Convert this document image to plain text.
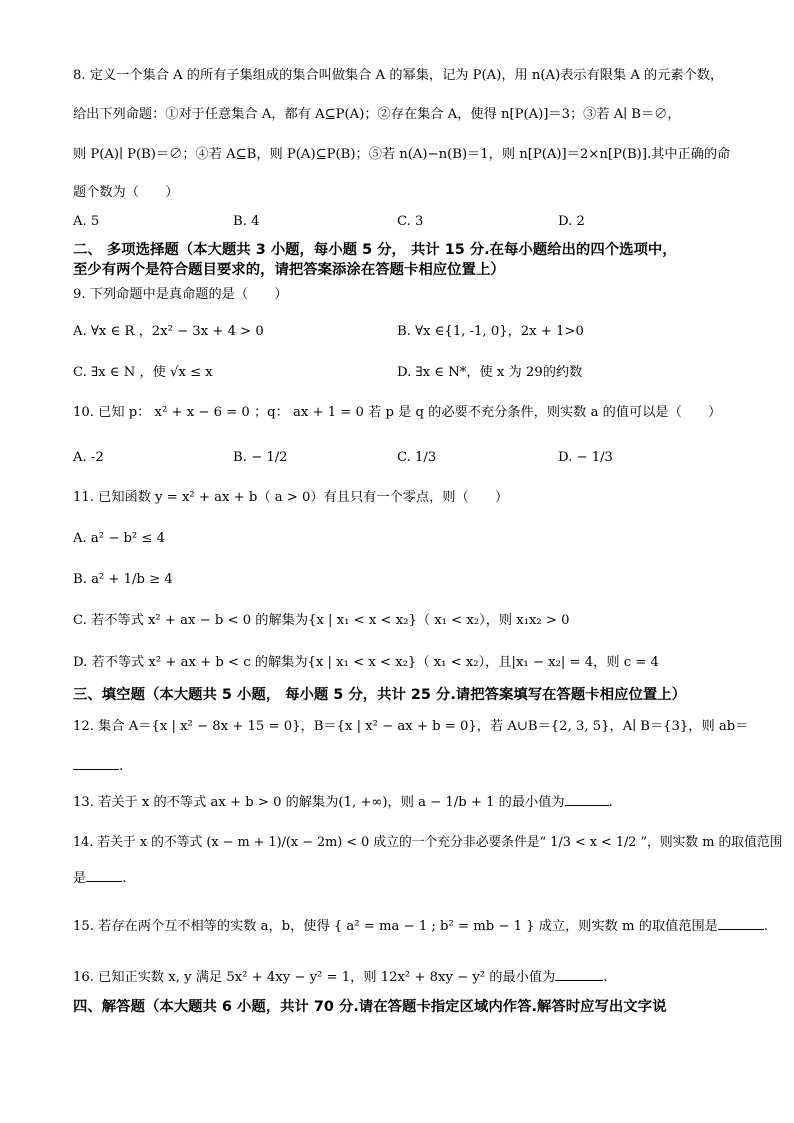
8. 定义一个集合 A 的所有子集组成的集合叫做集合 A 的幂集，记为 P(A)，用 n(A)表示有限集 A 的元素个数，
给出下列命题：①对于任意集合 A，都有 A⊆P(A)；②存在集合 A，使得 n[P(A)]＝3；③若 A∣ B＝∅，
则 P(A)∣ P(B)＝∅；④若 A⊆B，则 P(A)⊆P(B)；⑤若 n(A)−n(B)＝1，则 n[P(A)]＝2×n[P(B)].其中正确的命
题个数为（　　）
A. 5	B. 4	C. 3	D. 2
二、 多项选择题（本大题共 3 小题，每小题 5 分， 共计 15 分.在每小题给出的四个选项中，
至少有两个是符合题目要求的，请把答案添涂在答题卡相应位置上）
9. 下列命题中是真命题的是（　　）
A. ∀x ∈ R ，2x² − 3x + 4 > 0	B. ∀x ∈{1, -1, 0}，2x + 1>0
C. ∃x ∈ N ，使 √x ≤ x	D. ∃x ∈ N*，使 x 为 29的约数
10. 已知 p： x² + x − 6 = 0 ；q： ax + 1 = 0 若 p 是 q 的必要不充分条件，则实数 a 的值可以是（　　）
A. -2	B. − 1/2	C. 1/3	D. − 1/3
11. 已知函数 y = x² + ax + b（ a > 0）有且只有一个零点，则（　　）
A. a² − b² ≤ 4
B. a² + 1/b ≥ 4
C. 若不等式 x² + ax − b < 0 的解集为{x | x₁ < x < x₂}（ x₁ < x₂），则 x₁x₂ > 0
D. 若不等式 x² + ax + b < c 的解集为{x | x₁ < x < x₂}（ x₁ < x₂），且|x₁ − x₂| = 4，则 c = 4
三、填空题（本大题共 5 小题， 每小题 5 分，共计 25 分.请把答案填写在答题卡相应位置上）
12. 集合 A＝{x | x² − 8x + 15 = 0}，B＝{x | x² − ax + b = 0}，若 A∪B＝{2, 3, 5}，A∣ B＝{3}，则 ab＝
.
13. 若关于 x 的不等式 ax + b > 0 的解集为(1, +∞)，则 a − 1/b + 1 的最小值为	.
14. 若关于 x 的不等式 (x − m + 1)/(x − 2m) < 0 成立的一个充分非必要条件是“ 1/3 < x < 1/2 ”，则实数 m 的取值范围
是	.
15. 若存在两个互不相等的实数 a，b，使得 { a² = ma − 1 ; b² = mb − 1 } 成立，则实数 m 的取值范围是	.
16. 已知正实数 x, y 满足 5x² + 4xy − y² = 1，则 12x² + 8xy − y² 的最小值为	.
四、解答题（本大题共 6 小题，共计 70 分.请在答题卡指定区域内作答.解答时应写出文字说
